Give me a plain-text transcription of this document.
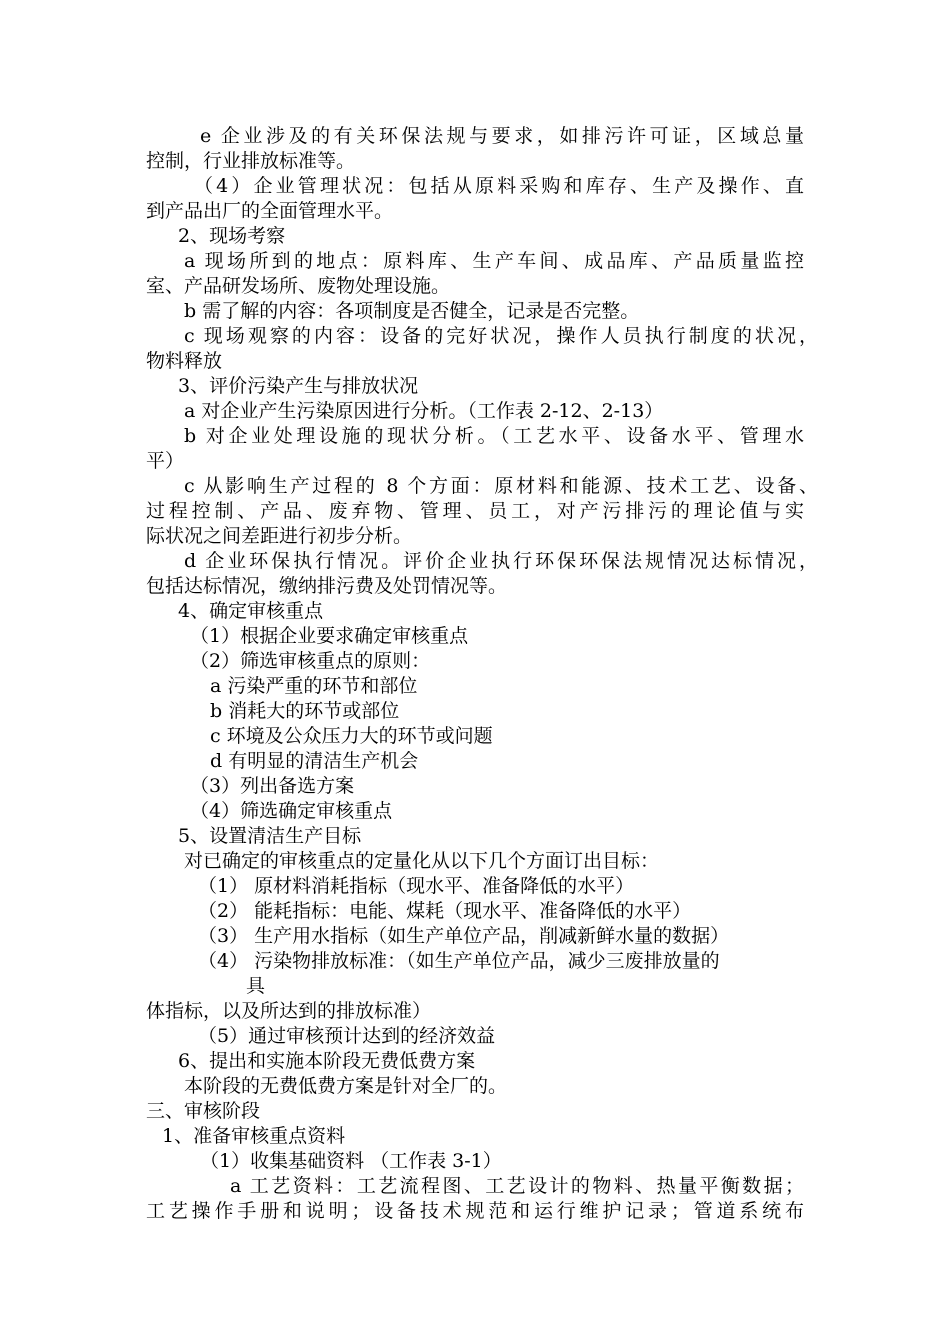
e 企业涉及的有关环保法规与要求，如排污许可证，区域总量
控制，行业排放标准等。
（4）企业管理状况：包括从原料采购和库存、生产及操作、直
到产品出厂的全面管理水平。
2、现场考察
a 现场所到的地点：原料库、生产车间、成品库、产品质量监控
室、产品研发场所、废物处理设施。
b 需了解的内容：各项制度是否健全，记录是否完整。
c 现场观察的内容：设备的完好状况，操作人员执行制度的状况，
物料释放
3、评价污染产生与排放状况
a 对企业产生污染原因进行分析。（工作表 2-12、2-13）
b 对企业处理设施的现状分析。（工艺水平、设备水平、管理水
平）
c 从影响生产过程的 8 个方面：原材料和能源、技术工艺、设备、
过程控制、产品、废弃物、管理、员工，对产污排污的理论值与实
际状况之间差距进行初步分析。
d 企业环保执行情况。评价企业执行环保环保法规情况达标情况，
包括达标情况，缴纳排污费及处罚情况等。
4、确定审核重点
（1）根据企业要求确定审核重点
（2）筛选审核重点的原则：
a 污染严重的环节和部位
b 消耗大的环节或部位
c 环境及公众压力大的环节或问题
d 有明显的清洁生产机会
（3）列出备选方案
（4）筛选确定审核重点
5、设置清洁生产目标
对已确定的审核重点的定量化从以下几个方面订出目标：
（1） 原材料消耗指标（现水平、准备降低的水平）
（2） 能耗指标：电能、煤耗（现水平、准备降低的水平）
（3） 生产用水指标（如生产单位产品，削减新鲜水量的数据）
（4） 污染物排放标准：（如生产单位产品，减少三废排放量的
具
体指标，以及所达到的排放标准）
（5）通过审核预计达到的经济效益
6、提出和实施本阶段无费低费方案
本阶段的无费低费方案是针对全厂的。
三、审核阶段
1、准备审核重点资料
（1）收集基础资料 （工作表 3-1）
a 工艺资料：工艺流程图、工艺设计的物料、热量平衡数据；
工艺操作手册和说明；设备技术规范和运行维护记录；管道系统布
